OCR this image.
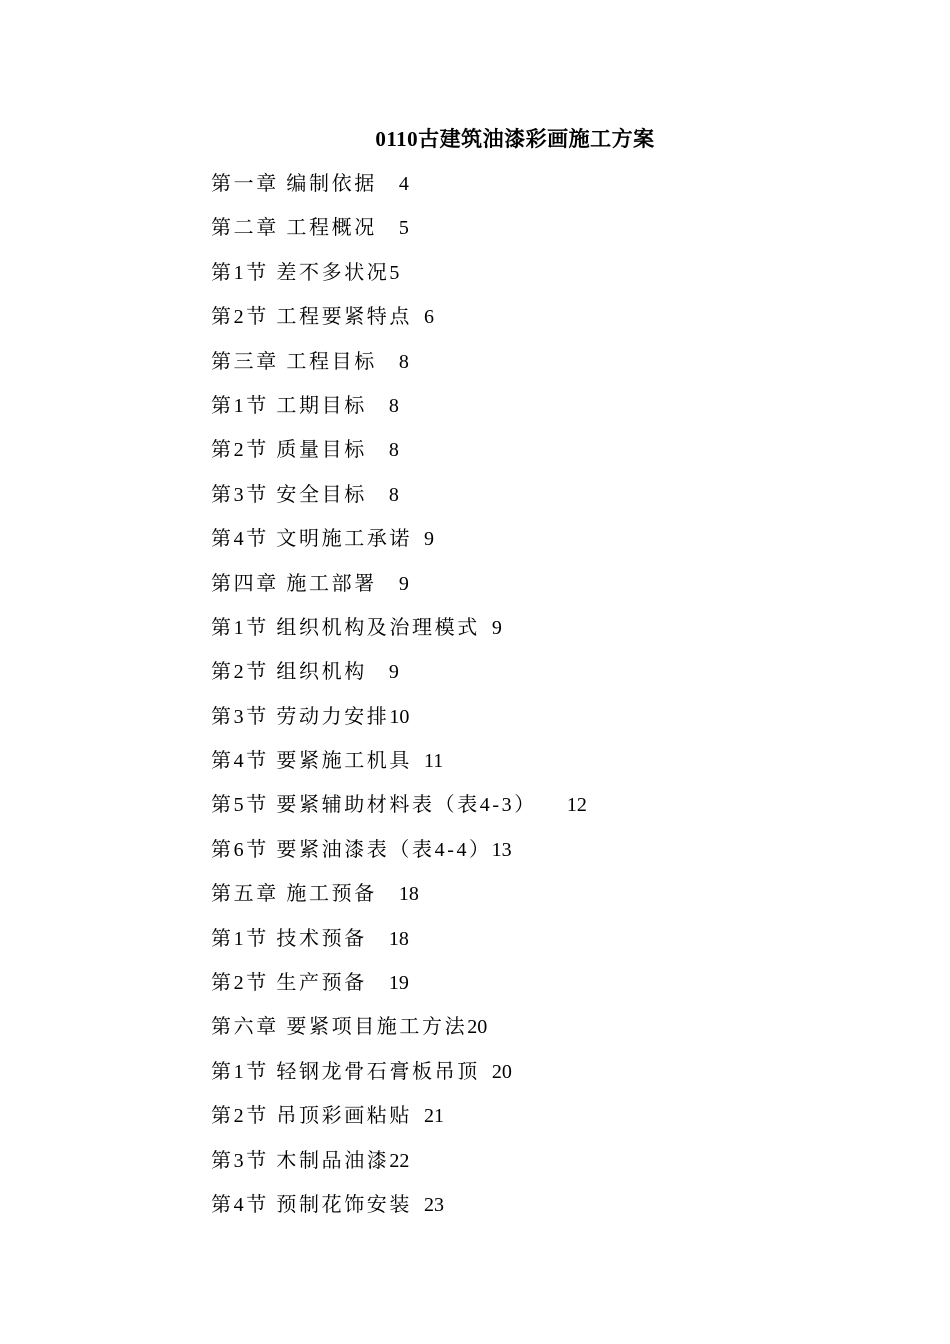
0110古建筑油漆彩画施工方案
第一章 编制依据 4
第二章 工程概况 5
第1节 差不多状况 5
第2节 工程要紧特点 6
第三章 工程目标 8
第1节 工期目标 8
第2节 质量目标 8
第3节 安全目标 8
第4节 文明施工承诺 9
第四章 施工部署 9
第1节 组织机构及治理模式 9
第2节 组织机构 9
第3节 劳动力安排 10
第4节 要紧施工机具 11
第5节 要紧辅助材料表（表4-3） 12
第6节 要紧油漆表（表4-4） 13
第五章 施工预备 18
第1节 技术预备 18
第2节 生产预备 19
第六章 要紧项目施工方法 20
第1节 轻钢龙骨石膏板吊顶 20
第2节 吊顶彩画粘贴 21
第3节 木制品油漆 22
第4节 预制花饰安装 23
